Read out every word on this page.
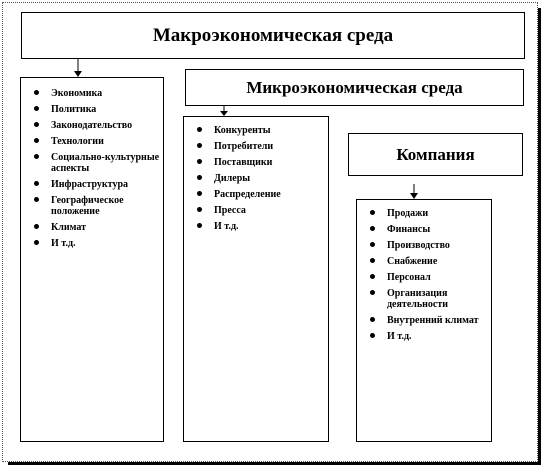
Макроэкономическая среда
Микроэкономическая среда
Компания
Экономика
Политика
Законодательство
Технологии
Социально-культурные аспекты
Инфраструктура
Географическое положение
Климат
И т.д.
Конкуренты
Потребители
Поставщики
Дилеры
Распределение
Пресса
И т.д.
Продажи
Финансы
Производство
Снабжение
Персонал
Организация деятельности
Внутренний климат
И т.д.
